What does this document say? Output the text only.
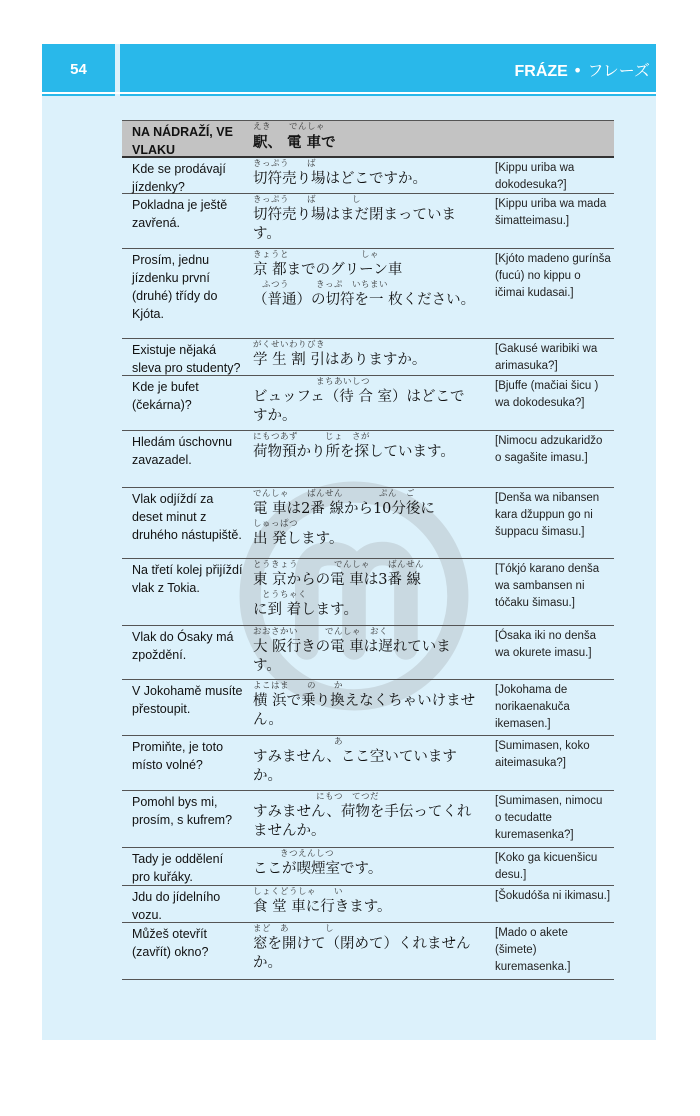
54	FRÁZE • フレーズ
NA NÁDRAŽÍ, VE VLAKU
えき　　でんしゃ
駅、 電 車で
Kde se prodávají jízdenky?
きっぷう　　ば
切符売り場はどこですか。
[Kippu uriba wa dokodesuka?]
Pokladna je ještě zavřená.
きっぷう　　ば　　　　し
切符売り場はまだ閉まっています。
[Kippu uriba wa mada šimatteimasu.]
Prosím, jednu jízdenku první (druhé) třídy do Kjóta.
きょうと　　　　　　　　しゃ
京 都までのグリーン車
　ふつう　　　きっぷ　いちまい
（普通）の切符を一 枚ください。
[Kjóto madeno gurínša (fucú) no kippu o ičimai kudasai.]
Existuje nějaká sleva pro studenty?
がくせいわりびき
学 生 割 引はありますか。
[Gakusé waribiki wa arimasuka?]
Kde je bufet (čekárna)?
　　　　　　　まちあいしつ
ビュッフェ（待 合 室）はどこですか。
[Bjuffe (mačiai šicu ) wa dokodesuka?]
Hledám úschovnu zavazadel.
にもつあず　　　じょ　さが
荷物預かり所を探しています。
[Nimocu adzukaridžo o sagašite imasu.]
Vlak odjíždí za deset minut z druhého nástupiště.
でんしゃ　　ばんせん　　　　ぷん　ご
電 車は2番 線から10分後に
しゅっぱつ
出 発します。
[Denša wa nibansen kara džuppun go ni šuppacu šimasu.]
Na třetí kolej přijíždí vlak z Tokia.
とうきょう　　　　でんしゃ　　ばんせん
東 京からの電 車は3番 線
　とうちゃく
に到 着します。
[Tókjó karano denša wa sambansen ni tóčaku šimasu.]
Vlak do Ósaky má zpoždění.
おおさかい　　　でんしゃ　おく
大 阪行きの電 車は遅れています。
[Ósaka iki no denša wa okurete imasu.]
V Jokohamě musíte přestoupit.
よこはま　　の　　か
横 浜で乗り換えなくちゃいけません。
[Jokohama de norikaenakuča ikemasen.]
Promiňte, je toto místo volné?
　　　　　　　　　あ
すみません、ここ空いていますか。
[Sumimasen, koko aiteimasuka?]
Pomohl bys mi, prosím, s kufrem?
　　　　　　　にもつ　てつだ
すみません、荷物を手伝ってくれませんか。
[Sumimasen, nimocu o tecudatte kuremasenka?]
Tady je oddělení pro kuřáky.
　　　きつえんしつ
ここが喫煙室です。
[Koko ga kicuenšicu desu.]
Jdu do jídelního vozu.
しょくどうしゃ　　い
食 堂 車に行きます。
[Šokudóša ni ikimasu.]
Můžeš otevřít (zavřít) okno?
まど　あ　　　　し
窓を開けて（閉めて）くれませんか。
[Mado o akete (šimete) kuremasenka.]
